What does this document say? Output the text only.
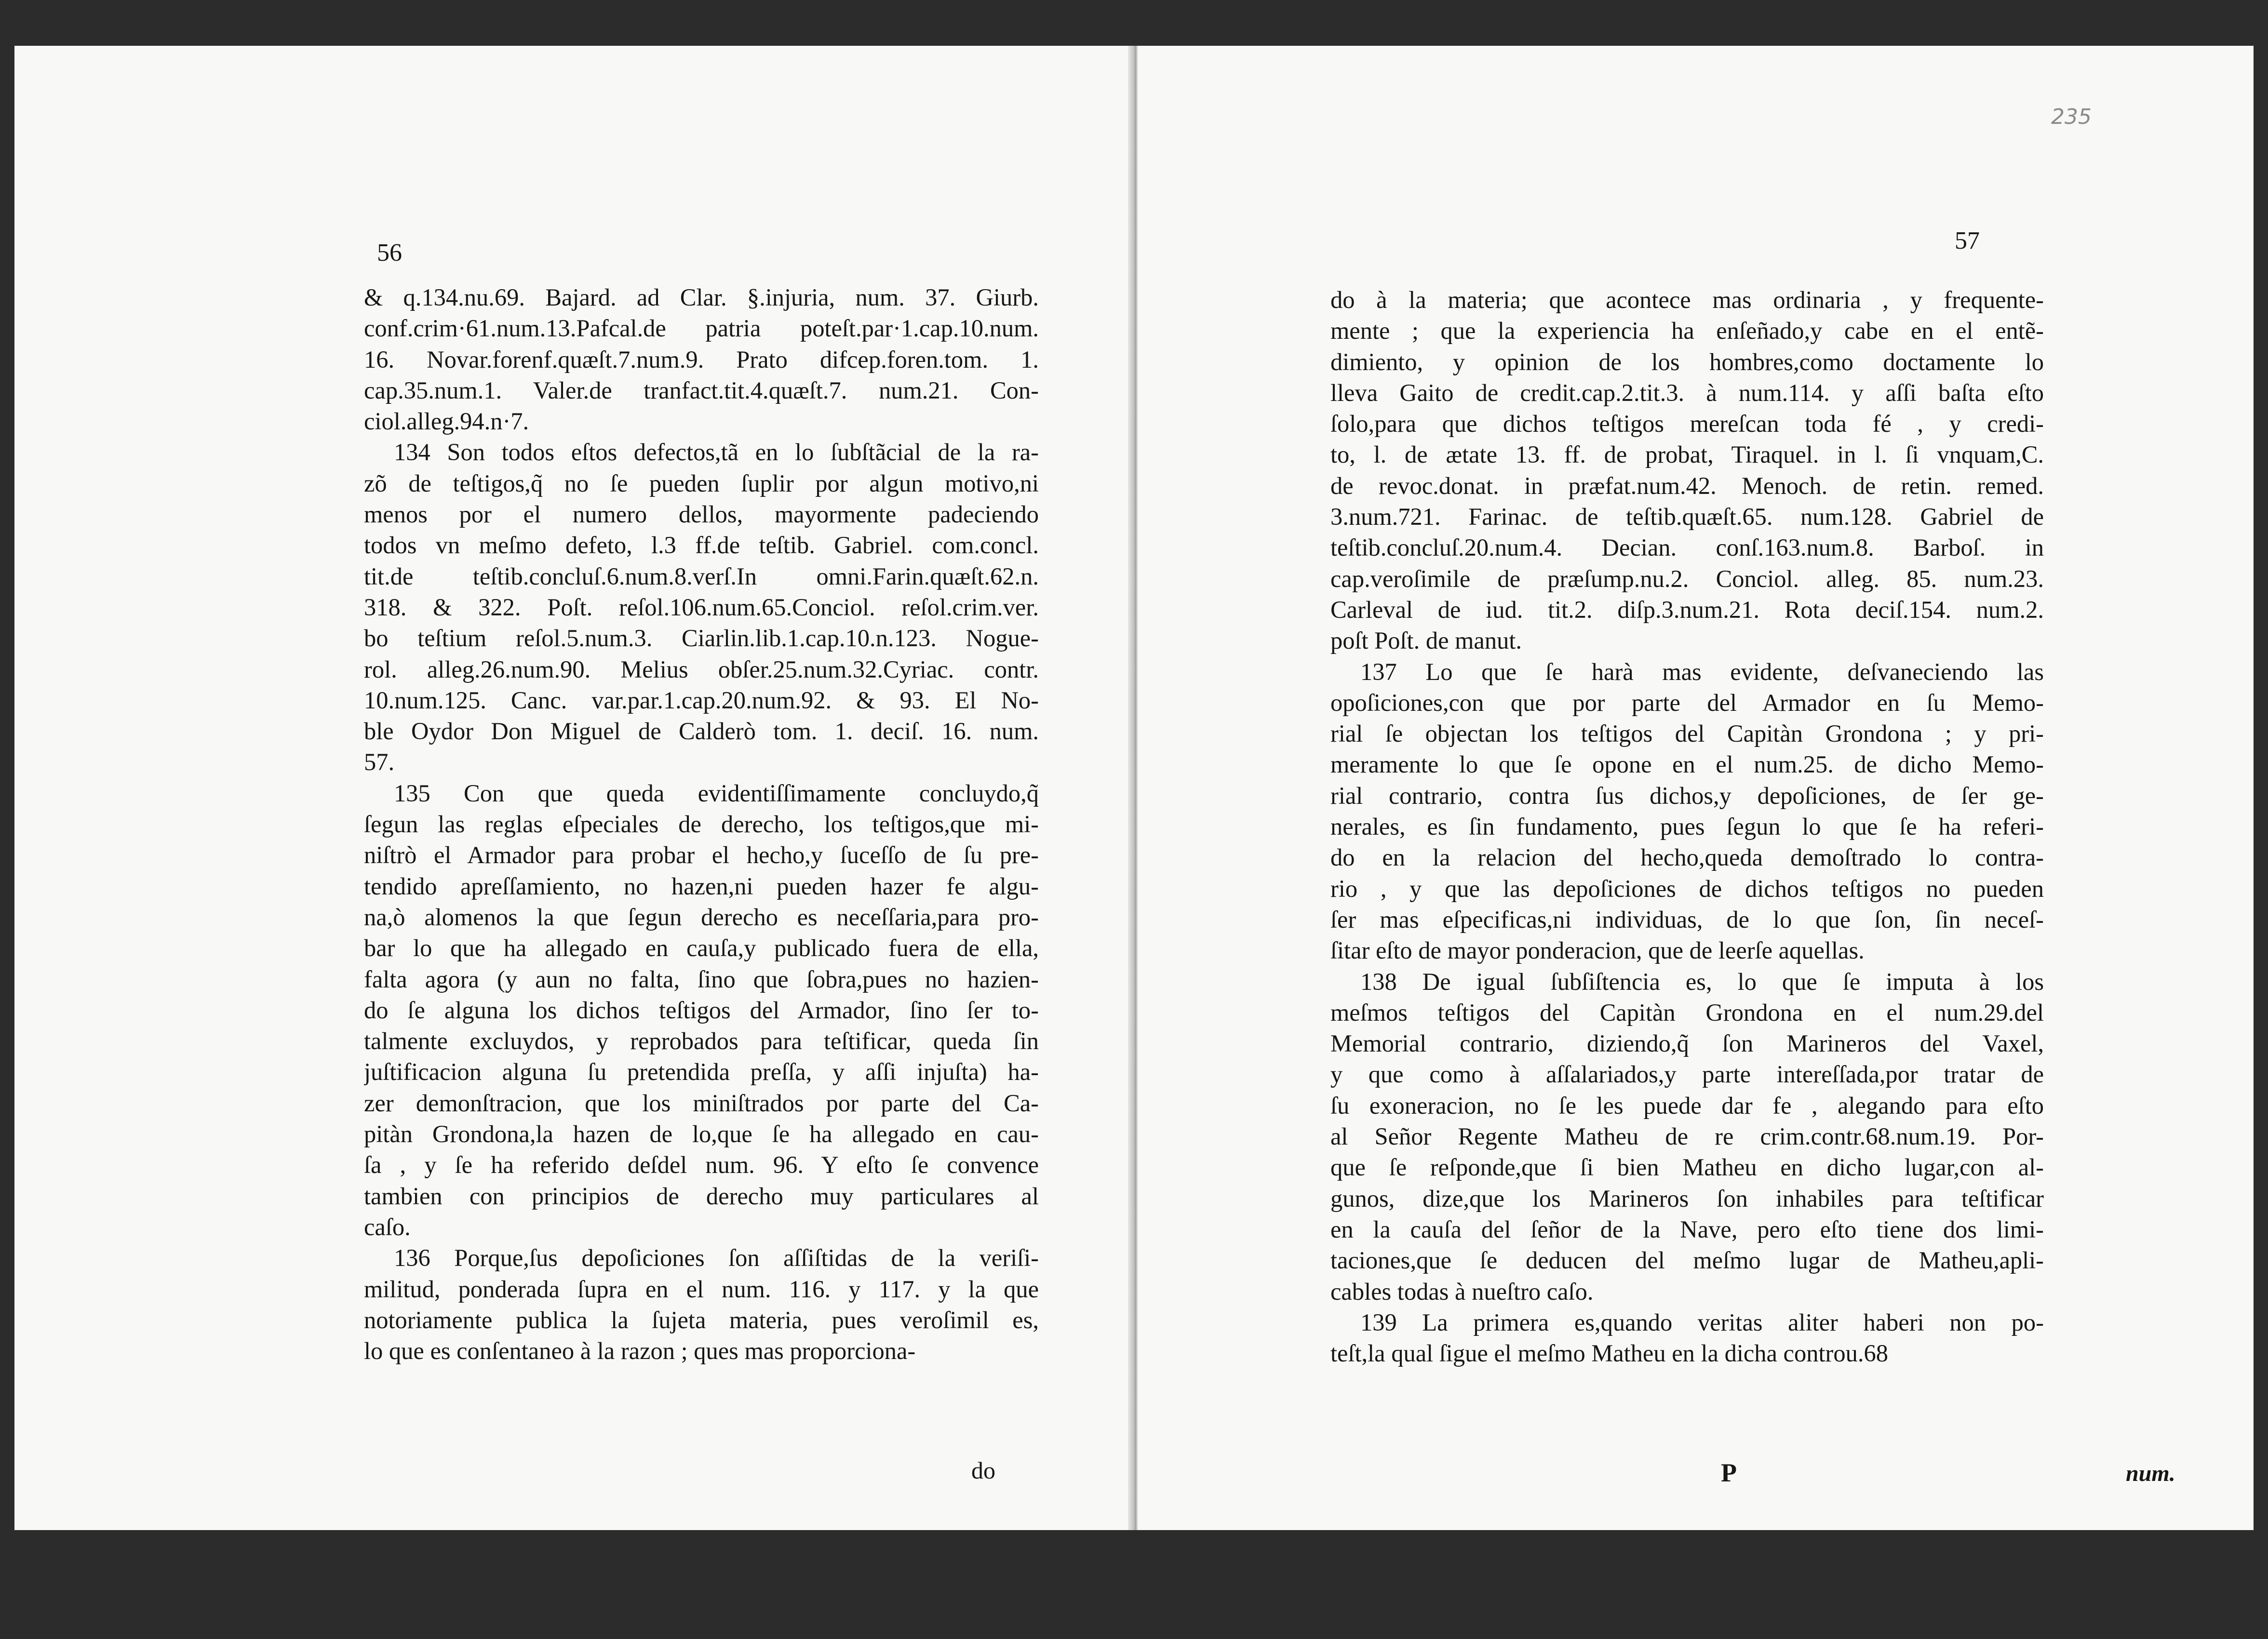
56

& q.134.nu.69. Bajard. ad Clar. §.injuria, num. 37. Giurb.

conf.crim·61.num.13.Pafcal.de patria poteſt.par·1.cap.10.num.

16. Novar.forenf.quæſt.7.num.9. Prato difcep.foren.tom. 1.

cap.35.num.1. Valer.de tranfact.tit.4.quæſt.7. num.21. Con-

ciol.alleg.94.n·7.

134 Son todos eſtos defectos,tã en lo ſubſtãcial de la ra-

zõ de teſtigos,q̃ no ſe pueden ſuplir por algun motivo,ni

menos por el numero dellos, mayormente padeciendo

todos vn meſmo defeto, l.3 ff.de teſtib. Gabriel. com.concl.

tit.de teſtib.concluſ.6.num.8.verſ.In omni.Farin.quæſt.62.n.

318. & 322. Poſt. reſol.106.num.65.Conciol. reſol.crim.ver.

bo teſtium reſol.5.num.3. Ciarlin.lib.1.cap.10.n.123. Nogue-

rol. alleg.26.num.90. Melius obſer.25.num.32.Cyriac. contr.

10.num.125. Canc. var.par.1.cap.20.num.92. & 93. El No-

ble Oydor Don Miguel de Calderò tom. 1. deciſ. 16. num.

57.

135 Con que queda evidentiſſimamente concluydo,q̃

ſegun las reglas eſpeciales de derecho, los teſtigos,que mi-

niſtrò el Armador para probar el hecho,y ſuceſſo de ſu pre-

tendido apreſſamiento, no hazen,ni pueden hazer fe algu-

na,ò alomenos la que ſegun derecho es neceſſaria,para pro-

bar lo que ha allegado en cauſa,y publicado fuera de ella,

falta agora (y aun no falta, ſino que ſobra,pues no hazien-

do ſe alguna los dichos teſtigos del Armador, ſino ſer to-

talmente excluydos, y reprobados para teſtificar, queda ſin

juſtificacion alguna ſu pretendida preſſa, y aſſi injuſta) ha-

zer demonſtracion, que los miniſtrados por parte del Ca-

pitàn Grondona,la hazen de lo,que ſe ha allegado en cau-

ſa , y ſe ha referido deſdel num. 96. Y eſto ſe convence

tambien con principios de derecho muy particulares al

caſo.

136 Porque,ſus depoſiciones ſon aſſiſtidas de la veriſi-

militud, ponderada ſupra en el num. 116. y 117. y la que

notoriamente publica la ſujeta materia, pues veroſimil es,

lo que es conſentaneo à la razon ; ques mas proporciona-

do
235
57

do à la materia; que acontece mas ordinaria , y frequente-

mente ; que la experiencia ha enſeñado,y cabe en el entẽ-

dimiento, y opinion de los hombres,como doctamente lo

lleva Gaito de credit.cap.2.tit.3. à num.114. y aſſi baſta eſto

ſolo,para que dichos teſtigos mereſcan toda fé , y credi-

to, l. de ætate 13. ff. de probat, Tiraquel. in l. ſi vnquam,C.

de revoc.donat. in præfat.num.42. Menoch. de retin. remed.

3.num.721. Farinac. de teſtib.quæſt.65. num.128. Gabriel de

teſtib.concluſ.20.num.4. Decian. conſ.163.num.8. Barboſ. in

cap.veroſimile de præſump.nu.2. Conciol. alleg. 85. num.23.

Carleval de iud. tit.2. diſp.3.num.21. Rota deciſ.154. num.2.

poſt Poſt. de manut.

137 Lo que ſe harà mas evidente, deſvaneciendo las

opoſiciones,con que por parte del Armador en ſu Memo-

rial ſe objectan los teſtigos del Capitàn Grondona ; y pri-

meramente lo que ſe opone en el num.25. de dicho Memo-

rial contrario, contra ſus dichos,y depoſiciones, de ſer ge-

nerales, es ſin fundamento, pues ſegun lo que ſe ha referi-

do en la relacion del hecho,queda demoſtrado lo contra-

rio , y que las depoſiciones de dichos teſtigos no pueden

ſer mas eſpecificas,ni individuas, de lo que ſon, ſin neceſ-

ſitar eſto de mayor ponderacion, que de leerſe aquellas.

138 De igual ſubſiſtencia es, lo que ſe imputa à los

meſmos teſtigos del Capitàn Grondona en el num.29.del

Memorial contrario, diziendo,q̃ ſon Marineros del Vaxel,

y que como à aſſalariados,y parte intereſſada,por tratar de

ſu exoneracion, no ſe les puede dar fe , alegando para eſto

al Señor Regente Matheu de re crim.contr.68.num.19. Por-

que ſe reſponde,que ſi bien Matheu en dicho lugar,con al-

gunos, dize,que los Marineros ſon inhabiles para teſtificar

en la cauſa del ſeñor de la Nave, pero eſto tiene dos limi-

taciones,que ſe deducen del meſmo lugar de Matheu,apli-

cables todas à nueſtro caſo.

139 La primera es,quando veritas aliter haberi non po-

teſt,la qual ſigue el meſmo Matheu en la dicha controu.68

P	num.
